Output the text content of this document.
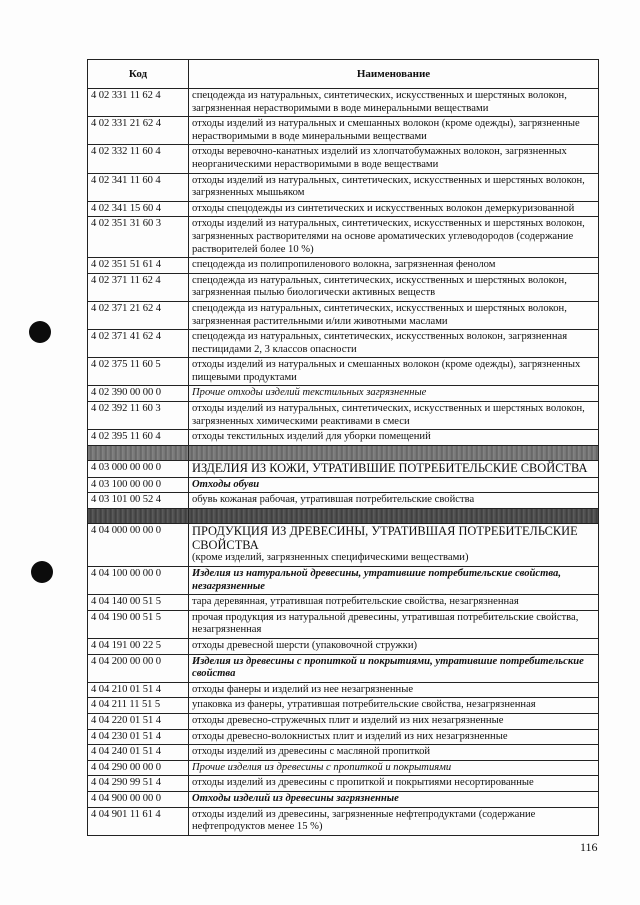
Код	Наименование
4 02 331 11 62 4	спецодежда из натуральных, синтетических, искусственных и шерстяных волокон, загрязненная нерастворимыми в воде минеральными веществами
4 02 331 21 62 4	отходы изделий из натуральных и смешанных волокон (кроме одежды), загрязненные нерастворимыми в воде минеральными веществами
4 02 332 11 60 4	отходы веревочно-канатных изделий из хлопчатобумажных волокон, загрязненных неорганическими нерастворимыми в воде веществами
4 02 341 11 60 4	отходы изделий из натуральных, синтетических, искусственных и шерстяных волокон, загрязненных мышьяком
4 02 341 15 60 4	отходы спецодежды из синтетических и искусственных волокон демеркуризованной
4 02 351 31 60 3	отходы изделий из натуральных, синтетических, искусственных и шерстяных волокон, загрязненных растворителями на основе ароматических углеводородов (содержание растворителей более 10 %)
4 02 351 51 61 4	спецодежда из полипропиленового волокна, загрязненная фенолом
4 02 371 11 62 4	спецодежда из натуральных, синтетических, искусственных и шерстяных волокон, загрязненная пылью биологически активных веществ
4 02 371 21 62 4	спецодежда из натуральных, синтетических, искусственных и шерстяных волокон, загрязненная растительными и/или животными маслами
4 02 371 41 62 4	спецодежда из натуральных, синтетических, искусственных волокон, загрязненная пестицидами 2, 3 классов опасности
4 02 375 11 60 5	отходы изделий из натуральных и смешанных волокон (кроме одежды), загрязненных пищевыми продуктами
4 02 390 00 00 0	Прочие отходы изделий текстильных загрязненные
4 02 392 11 60 3	отходы изделий из натуральных, синтетических, искусственных и шерстяных волокон, загрязненных химическими реактивами в смеси
4 02 395 11 60 4	отходы текстильных изделий для уборки помещений

4 03 000 00 00 0	ИЗДЕЛИЯ ИЗ КОЖИ, УТРАТИВШИЕ ПОТРЕБИТЕЛЬСКИЕ СВОЙСТВА
4 03 100 00 00 0	Отходы обуви
4 03 101 00 52 4	обувь кожаная рабочая, утратившая потребительские свойства

4 04 000 00 00 0	ПРОДУКЦИЯ ИЗ ДРЕВЕСИНЫ, УТРАТИВШАЯ ПОТРЕБИТЕЛЬСКИЕ СВОЙСТВА
(кроме изделий, загрязненных специфическими веществами)

4 04 100 00 00 0	Изделия из натуральной древесины, утратившие потребительские свойства, незагрязненные
4 04 140 00 51 5	тара деревянная, утратившая потребительские свойства, незагрязненная
4 04 190 00 51 5	прочая продукция из натуральной древесины, утратившая потребительские свойства, незагрязненная
4 04 191 00 22 5	отходы древесной шерсти (упаковочной стружки)
4 04 200 00 00 0	Изделия из древесины с пропиткой и покрытиями, утратившие потребительские свойства
4 04 210 01 51 4	отходы фанеры и изделий из нее незагрязненные
4 04 211 11 51 5	упаковка из фанеры, утратившая потребительские свойства, незагрязненная
4 04 220 01 51 4	отходы древесно-стружечных плит и изделий из них незагрязненные
4 04 230 01 51 4	отходы древесно-волокнистых плит и изделий из них незагрязненные
4 04 240 01 51 4	отходы изделий из древесины с масляной пропиткой
4 04 290 00 00 0	Прочие изделия из древесины с пропиткой и покрытиями
4 04 290 99 51 4	отходы изделий из древесины с пропиткой и покрытиями несортированные
4 04 900 00 00 0	Отходы изделий из древесины загрязненные
4 04 901 11 61 4	отходы изделий из древесины, загрязненные нефтепродуктами (содержание нефтепродуктов менее 15 %)
116
